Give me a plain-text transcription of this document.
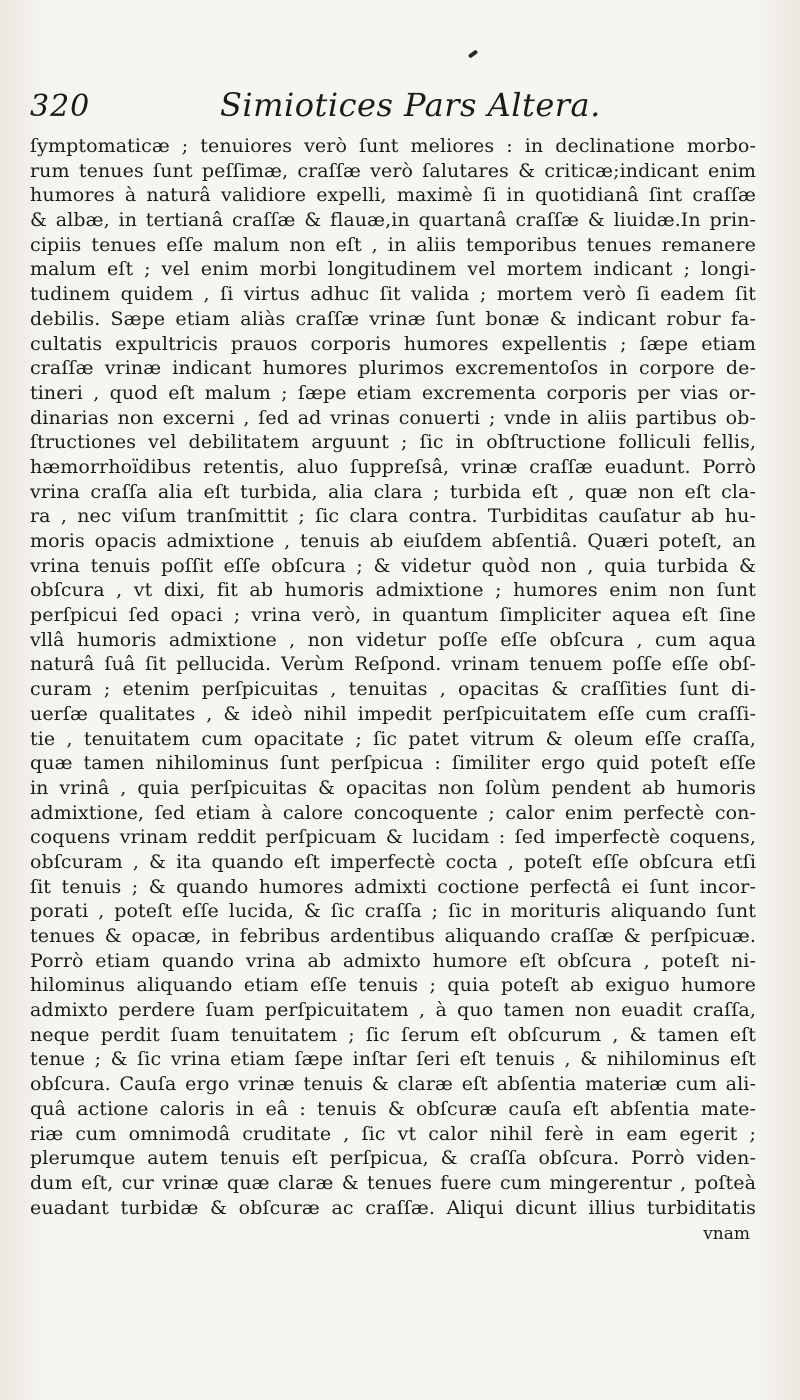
320	Simiotices Pars Altera.
ſymptomaticæ ; tenuiores verò ſunt meliores : in declinatione morbo-
rum tenues ſunt peſſimæ, craſſæ verò ſalutares & criticæ;indicant enim
humores à naturâ validiore expelli, maximè ſi in quotidianâ ſint craſſæ
& albæ, in tertianâ craſſæ & flauæ,in quartanâ craſſæ & liuidæ.In prin-
cipiis tenues eſſe malum non eſt , in aliis temporibus tenues remanere
malum eſt ; vel enim morbi longitudinem vel mortem indicant ; longi-
tudinem quidem , ſi virtus adhuc ſit valida ; mortem verò ſi eadem ſit
debilis. Sæpe etiam aliàs craſſæ vrinæ ſunt bonæ & indicant robur fa-
cultatis expultricis prauos corporis humores expellentis ; ſæpe etiam
craſſæ vrinæ indicant humores plurimos excrementoſos in corpore de-
tineri , quod eſt malum ; ſæpe etiam excrementa corporis per vias or-
dinarias non excerni , ſed ad vrinas conuerti ; vnde in aliis partibus ob-
ſtructiones vel debilitatem arguunt ; ſic in obſtructione folliculi fellis,
hæmorrhoïdibus retentis, aluo ſuppreſsâ, vrinæ craſſæ euadunt. Porrò
vrina craſſa alia eſt turbida, alia clara ; turbida eſt , quæ non eſt cla-
ra , nec viſum tranſmittit ; ſic clara contra. Turbiditas cauſatur ab hu-
moris opacis admixtione , tenuis ab eiuſdem abſentiâ. Quæri poteſt, an
vrina tenuis poſſit eſſe obſcura ; & videtur quòd non , quia turbida &
obſcura , vt dixi, fit ab humoris admixtione ; humores enim non ſunt
perſpicui ſed opaci ; vrina verò, in quantum ſimpliciter aquea eſt ſine
vllâ humoris admixtione , non videtur poſſe eſſe obſcura , cum aqua
naturâ ſuâ ſit pellucida. Verùm Reſpond. vrinam tenuem poſſe eſſe obſ-
curam ; etenim perſpicuitas , tenuitas , opacitas & craſſities ſunt di-
uerſæ qualitates , & ideò nihil impedit perſpicuitatem eſſe cum craſſi-
tie , tenuitatem cum opacitate ; ſic patet vitrum & oleum eſſe craſſa,
quæ tamen nihilominus ſunt perſpicua : ſimiliter ergo quid poteſt eſſe
in vrinâ , quia perſpicuitas & opacitas non ſolùm pendent ab humoris
admixtione, ſed etiam à calore concoquente ; calor enim perfectè con-
coquens vrinam reddit perſpicuam & lucidam : ſed imperfectè coquens,
obſcuram , & ita quando eſt imperfectè cocta , poteſt eſſe obſcura etſi
ſit tenuis ; & quando humores admixti coctione perfectâ ei ſunt incor-
porati , poteſt eſſe lucida, & ſic craſſa ; ſic in morituris aliquando ſunt
tenues & opacæ, in febribus ardentibus aliquando craſſæ & perſpicuæ.
Porrò etiam quando vrina ab admixto humore eſt obſcura , poteſt ni-
hilominus aliquando etiam eſſe tenuis ; quia poteſt ab exiguo humore
admixto perdere ſuam perſpicuitatem , à quo tamen non euadit craſſa,
neque perdit ſuam tenuitatem ; ſic ſerum eſt obſcurum , & tamen eſt
tenue ; & ſic vrina etiam ſæpe inſtar ſeri eſt tenuis , & nihilominus eſt
obſcura. Cauſa ergo vrinæ tenuis & claræ eſt abſentia materiæ cum ali-
quâ actione caloris in eâ : tenuis & obſcuræ cauſa eſt abſentia mate-
riæ cum omnimodâ cruditate , ſic vt calor nihil ferè in eam egerit ;
plerumque autem tenuis eſt perſpicua, & craſſa obſcura. Porrò viden-
dum eſt, cur vrinæ quæ claræ & tenues fuere cum mingerentur , poſteà
euadant turbidæ & obſcuræ ac craſſæ. Aliqui dicunt illius turbiditatis
vnam
